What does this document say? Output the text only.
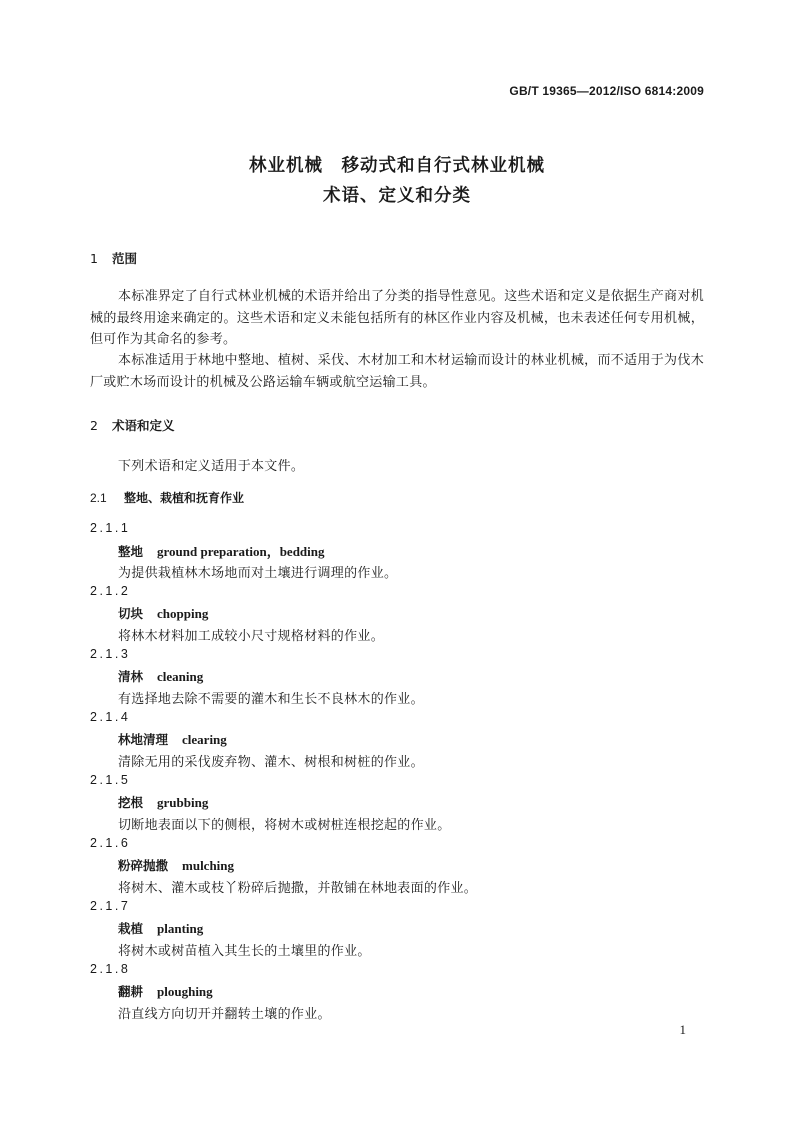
GB/T 19365—2012/ISO 6814:2009
林业机械　移动式和自行式林业机械
术语、定义和分类
1 范围
本标准界定了自行式林业机械的术语并给出了分类的指导性意见。这些术语和定义是依据生产商对机械的最终用途来确定的。这些术语和定义未能包括所有的林区作业内容及机械，也未表述任何专用机械，但可作为其命名的参考。
本标准适用于林地中整地、植树、采伐、木材加工和木材运输而设计的林业机械，而不适用于为伐木厂或贮木场而设计的机械及公路运输车辆或航空运输工具。
2 术语和定义
下列术语和定义适用于本文件。
2.1 整地、栽植和抚育作业
2.1.1
整地 ground preparation，bedding
为提供栽植林木场地而对土壤进行调理的作业。
2.1.2
切块 chopping
将林木材料加工成较小尺寸规格材料的作业。
2.1.3
清林 cleaning
有选择地去除不需要的灌木和生长不良林木的作业。
2.1.4
林地清理 clearing
清除无用的采伐废弃物、灌木、树根和树桩的作业。
2.1.5
挖根 grubbing
切断地表面以下的侧根，将树木或树桩连根挖起的作业。
2.1.6
粉碎抛撒 mulching
将树木、灌木或枝丫粉碎后抛撒，并散铺在林地表面的作业。
2.1.7
栽植 planting
将树木或树苗植入其生长的土壤里的作业。
2.1.8
翻耕 ploughing
沿直线方向切开并翻转土壤的作业。
1
